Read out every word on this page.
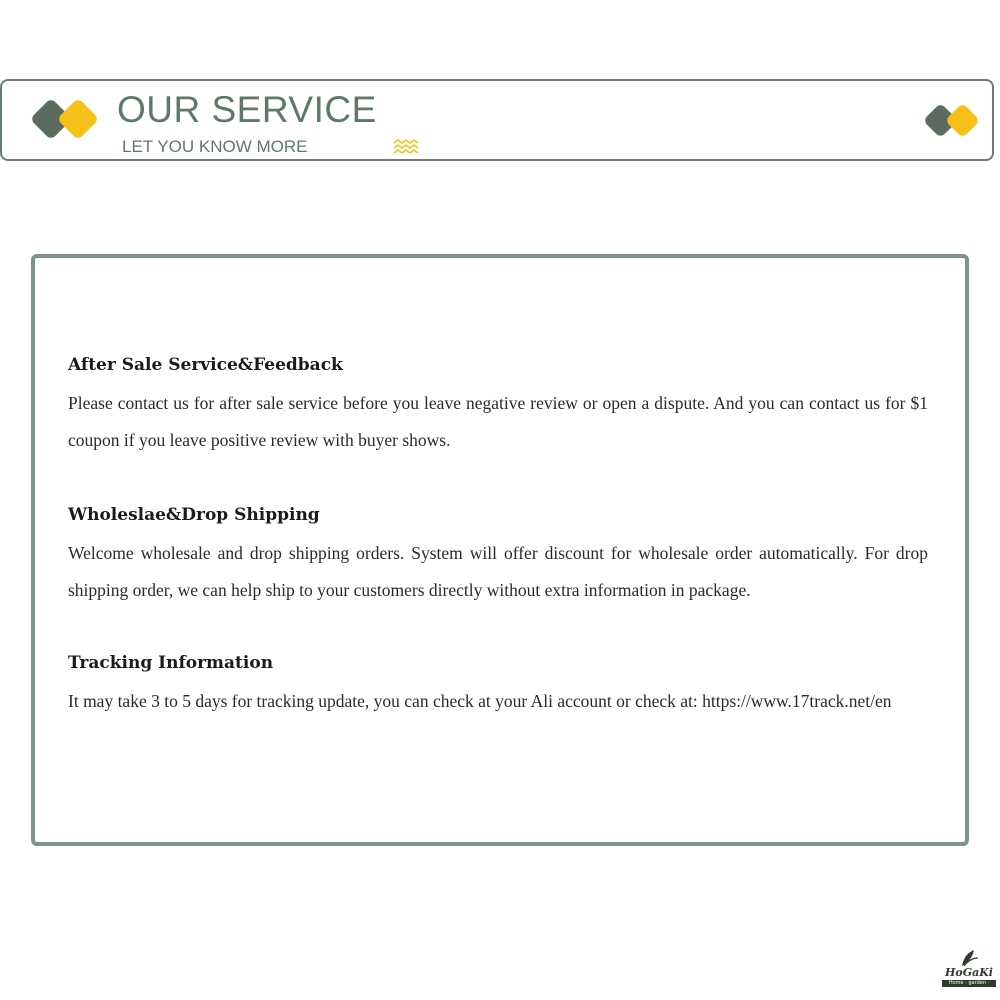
OUR SERVICE
LET YOU KNOW MORE

After Sale Service&Feedback

Please contact us for after sale service before you leave negative review or open a dispute. And you can contact us for $1 coupon if you leave positive review with buyer shows.

Wholeslae&Drop Shipping

Welcome wholesale and drop shipping orders. System will offer discount for wholesale order automatically. For drop shipping order, we can help ship to your customers directly without extra information in package.

Tracking Information

It may take 3 to 5 days for tracking update, you can check at your Ali account or check at: https://www.17track.net/en

HoGaKi
Home · garden · kitchen
